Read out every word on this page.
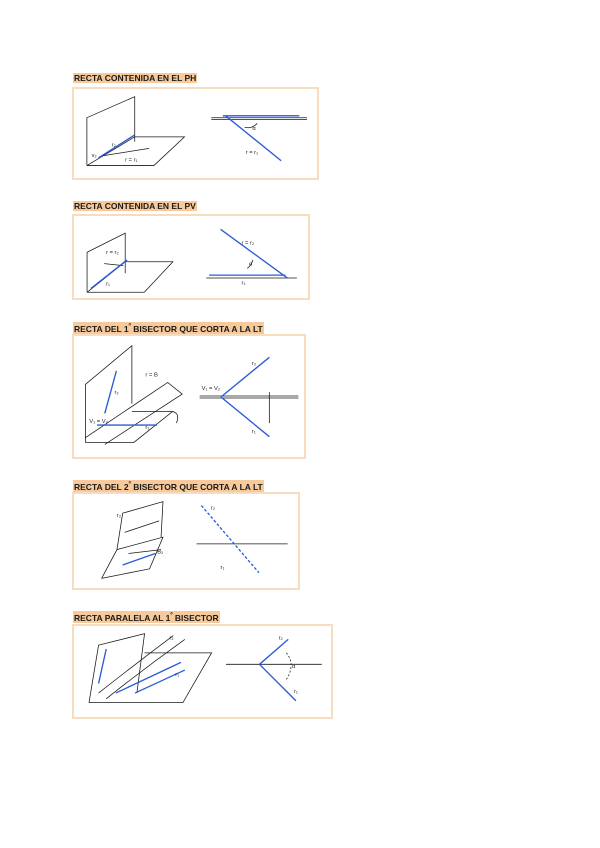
RECTA CONTENIDA EN EL PH
r₂
v₂
r = r₁
α
r = r₁
RECTA CONTENIDA EN EL PV
r = r₂
r₁
r = r₂
α
r₁
RECTA DEL $1^º$ BISECTOR QUE CORTA A LA LT
r = B
r₂
V₁ = V₂
r₁
V₁ = V₂
r₂
r₁
RECTA DEL $2^º$ BISECTOR QUE CORTA A LA LT
r₂
B₂
r₂
r₁
RECTA PARALELA AL $1^º$ BISECTOR
r₂
r₁
r₂
α
r₁
